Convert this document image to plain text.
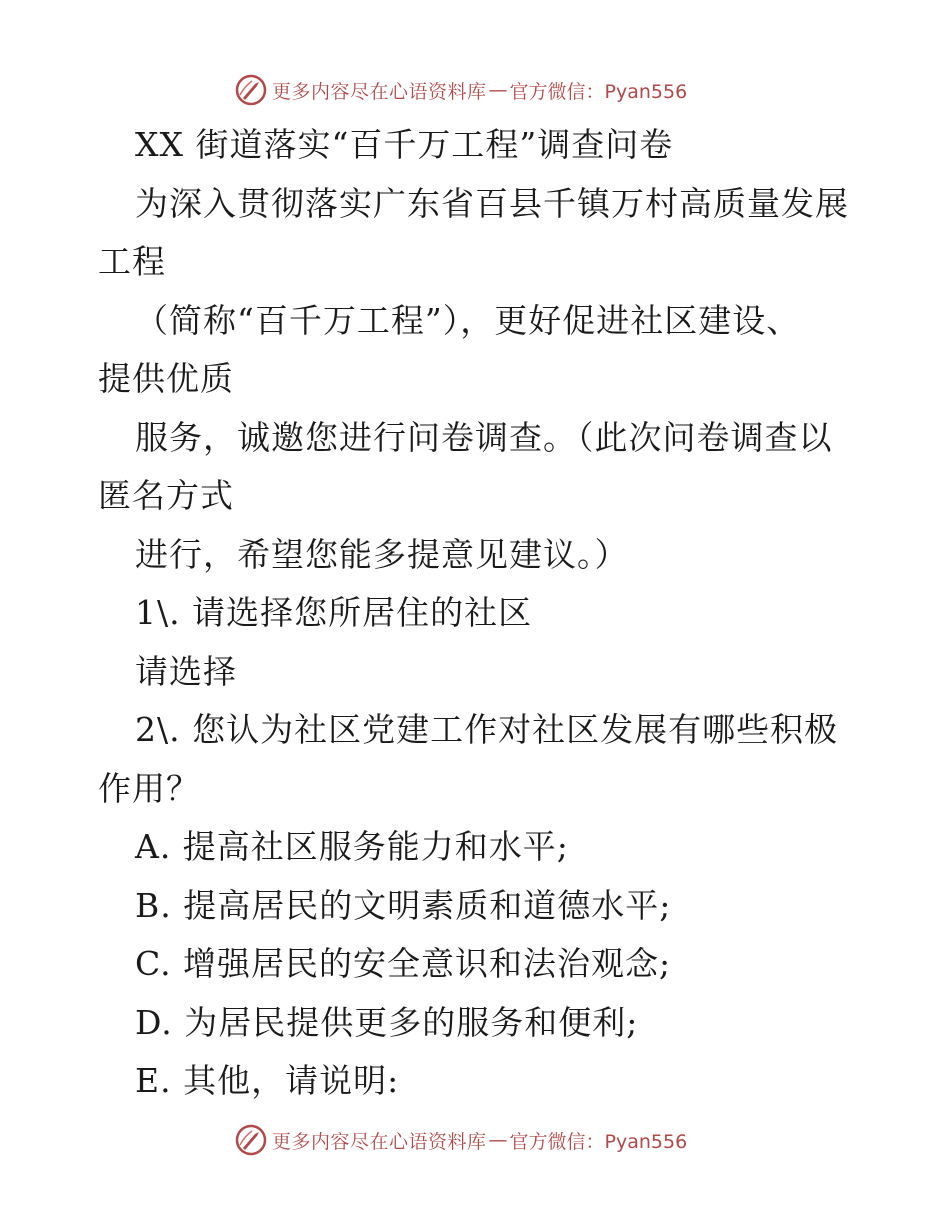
更多内容尽在心语资料库 — 官方微信：Pyan556
XX 街道落实“百千万工程”调查问卷
为深入贯彻落实广东省百县千镇万村高质量发展
工程
（简称“百千万工程”），更好促进社区建设、
提供优质
服务，诚邀您进行问卷调查。（此次问卷调查以
匿名方式
进行，希望您能多提意见建议。）
1\. 请选择您所居住的社区
请选择
2\. 您认为社区党建工作对社区发展有哪些积极
作用？
A. 提高社区服务能力和水平;
B. 提高居民的文明素质和道德水平;
C. 增强居民的安全意识和法治观念;
D. 为居民提供更多的服务和便利;
E. 其他，请说明:
更多内容尽在心语资料库 — 官方微信：Pyan556
